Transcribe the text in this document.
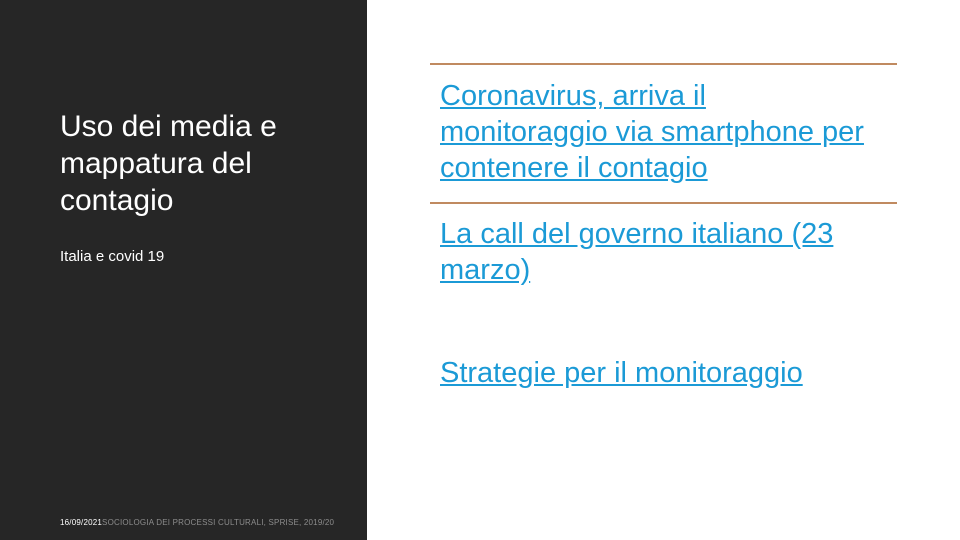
Uso dei media e mappatura del contagio
Italia e covid 19
16/09/2021SOCIOLOGIA DEI PROCESSI CULTURALI, SPRISE, 2019/20
Coronavirus, arriva il monitoraggio via smartphone per contenere il contagio
La call del governo italiano (23 marzo)
Strategie per il monitoraggio
